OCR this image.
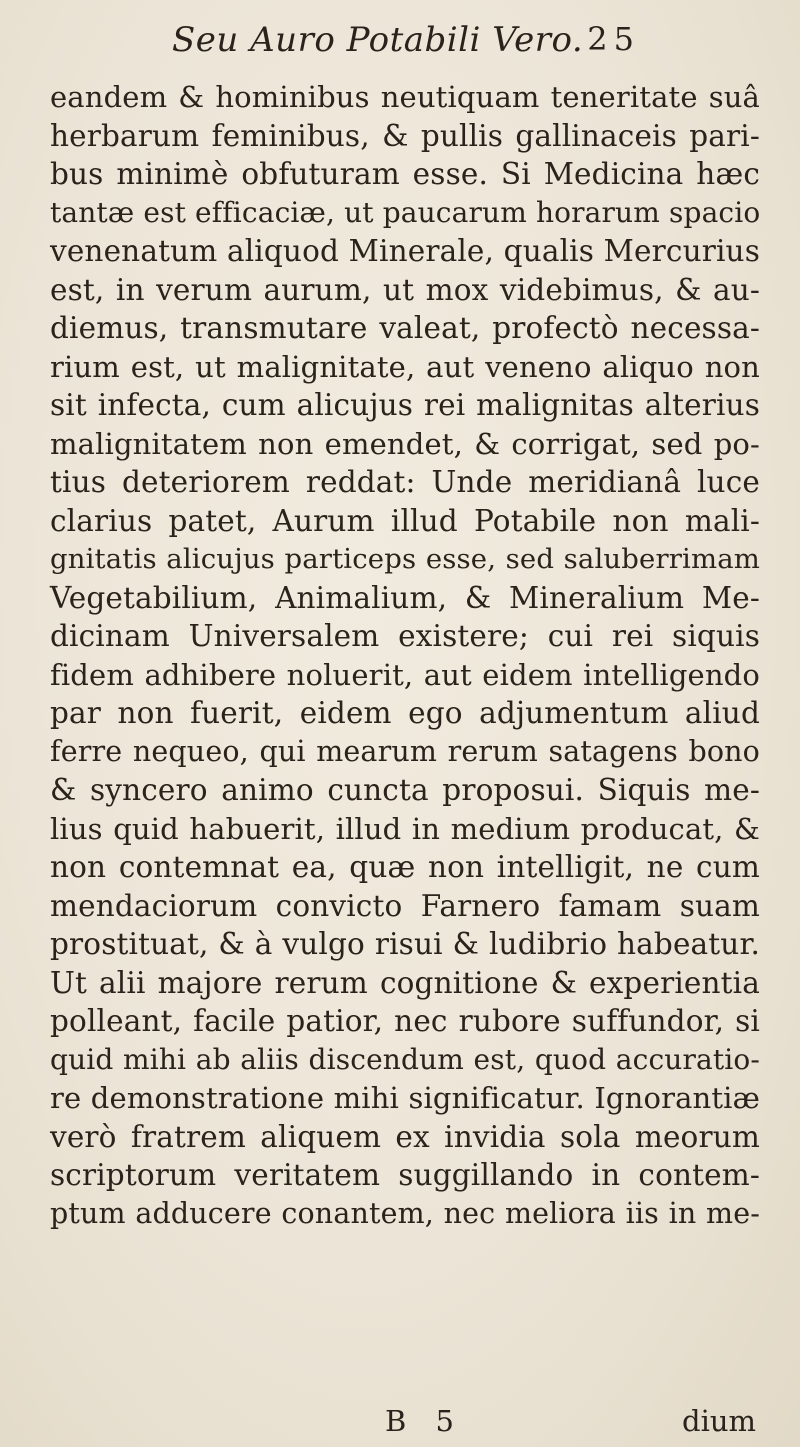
Seu Auro Potabili Vero. 25
eandem & hominibus neutiquam teneritate suâ
herbarum feminibus, & pullis gallinaceis pari-
bus minimè obfuturam esse. Si Medicina hæc
tantæ est efficaciæ, ut paucarum horarum spacio
venenatum aliquod Minerale, qualis Mercurius
est, in verum aurum, ut mox videbimus, & au-
diemus, transmutare valeat, profectò necessa-
rium est, ut malignitate, aut veneno aliquo non
sit infecta, cum alicujus rei malignitas alterius
malignitatem non emendet, & corrigat, sed po-
tius deteriorem reddat: Unde meridianâ luce
clarius patet, Aurum illud Potabile non mali-
gnitatis alicujus particeps esse, sed saluberrimam
Vegetabilium, Animalium, & Mineralium Me-
dicinam Universalem existere; cui rei siquis
fidem adhibere noluerit, aut eidem intelligendo
par non fuerit, eidem ego adjumentum aliud
ferre nequeo, qui mearum rerum satagens bono
& syncero animo cuncta proposui. Siquis me-
lius quid habuerit, illud in medium producat, &
non contemnat ea, quæ non intelligit, ne cum
mendaciorum convicto Farnero famam suam
prostituat, & à vulgo risui & ludibrio habeatur.
Ut alii majore rerum cognitione & experientia
polleant, facile patior, nec rubore suffundor, si
quid mihi ab aliis discendum est, quod accuratio-
re demonstratione mihi significatur. Ignorantiæ
verò fratrem aliquem ex invidia sola meorum
scriptorum veritatem suggillando in contem-
ptum adducere conantem, nec meliora iis in me-
B 5	dium
